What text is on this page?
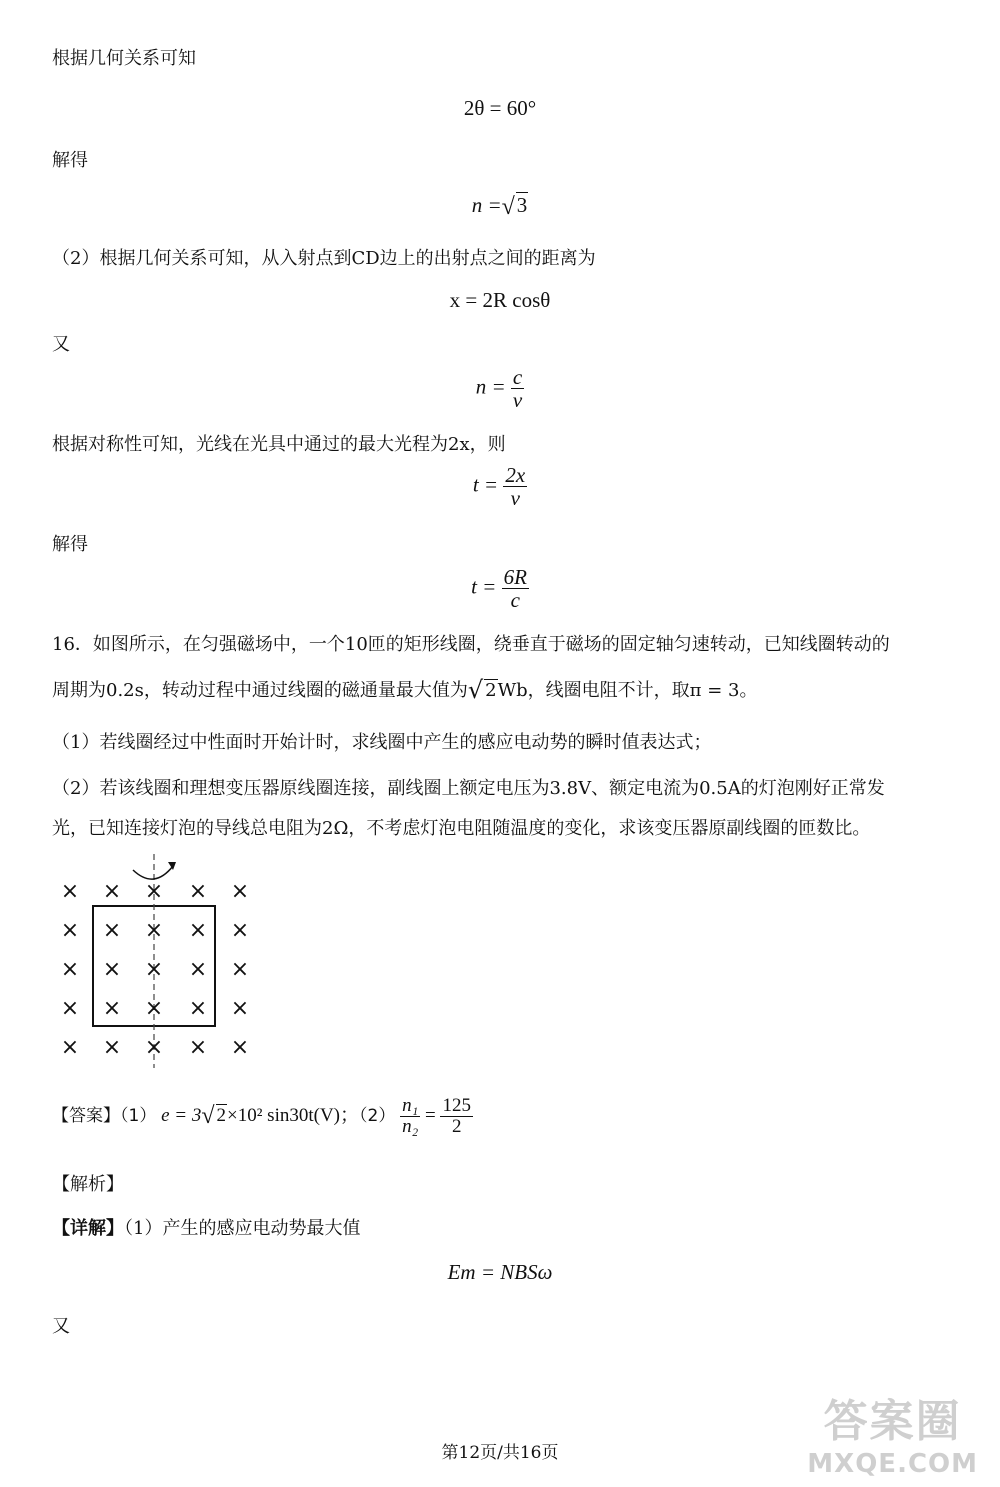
根据几何关系可知
2θ = 60°
解得
n =√3
（2）根据几何关系可知，从入射点到CD边上的出射点之间的距离为
x = 2R cosθ
又
$n = \frac{c}{v}$
根据对称性可知，光线在光具中通过的最大光程为2x，则
$t = \frac{2x}{v}$
解得
$t = \frac{6R}{c}$
16．如图所示，在匀强磁场中，一个10匝的矩形线圈，绕垂直于磁场的固定轴匀速转动，已知线圈转动的
周期为0.2s，转动过程中通过线圈的磁通量最大值为√ 2Wb，线圈电阻不计，取π = 3。
（1）若线圈经过中性面时开始计时，求线圈中产生的感应电动势的瞬时值表达式；
（2）若该线圈和理想变压器原线圈连接，副线圈上额定电压为3.8V、额定电流为0.5A的灯泡刚好正常发
光，已知连接灯泡的导线总电阻为2Ω，不考虑灯泡电阻随温度的变化，求该变压器原副线圈的匝数比。
× × × × ×
× × × × ×
× × × × ×
× × × × ×
× × × × ×
【答案】（1） e = 3√ 2×10² sin30t(V)；$(2) \frac{\text{n₁}}{\text{n₂}} = \frac{125}{2}$
【解析】
【详解】（1）产生的感应电动势最大值
Em = NBSω
又
第12页/共16页
答案圈
MXQE.COM
